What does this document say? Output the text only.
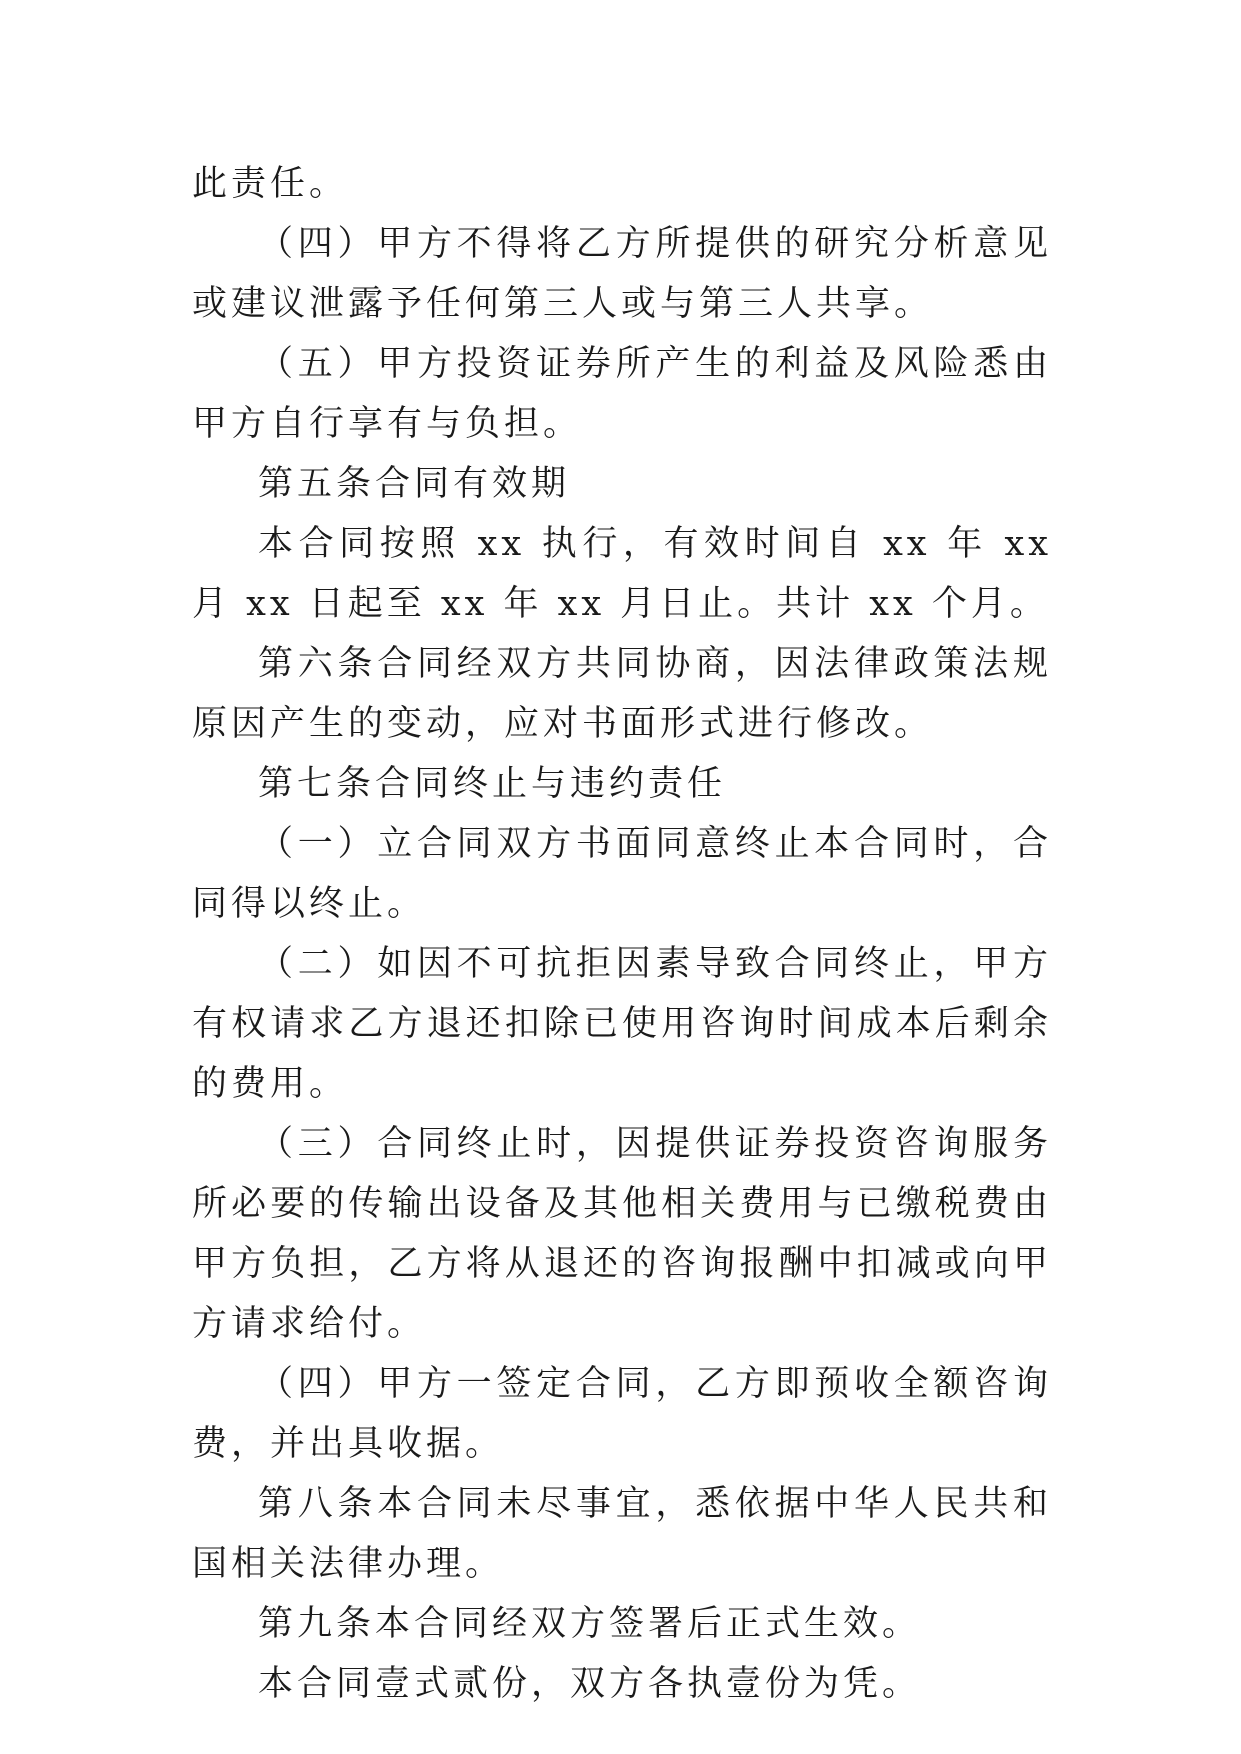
此责任。

（四）甲方不得将乙方所提供的研究分析意见或建议泄露予任何第三人或与第三人共享。

（五）甲方投资证券所产生的利益及风险悉由甲方自行享有与负担。

第五条合同有效期

本合同按照 xx 执行，有效时间自 xx 年 xx 月 xx 日起至 xx 年 xx 月日止。共计 xx 个月。

第六条合同经双方共同协商，因法律政策法规原因产生的变动，应对书面形式进行修改。

第七条合同终止与违约责任

（一）立合同双方书面同意终止本合同时，合同得以终止。

（二）如因不可抗拒因素导致合同终止，甲方有权请求乙方退还扣除已使用咨询时间成本后剩余的费用。

（三）合同终止时，因提供证券投资咨询服务所必要的传输出设备及其他相关费用与已缴税费由甲方负担，乙方将从退还的咨询报酬中扣减或向甲方请求给付。

（四）甲方一签定合同，乙方即预收全额咨询费，并出具收据。

第八条本合同未尽事宜，悉依据中华人民共和国相关法律办理。

第九条本合同经双方签署后正式生效。

本合同壹式贰份，双方各执壹份为凭。
